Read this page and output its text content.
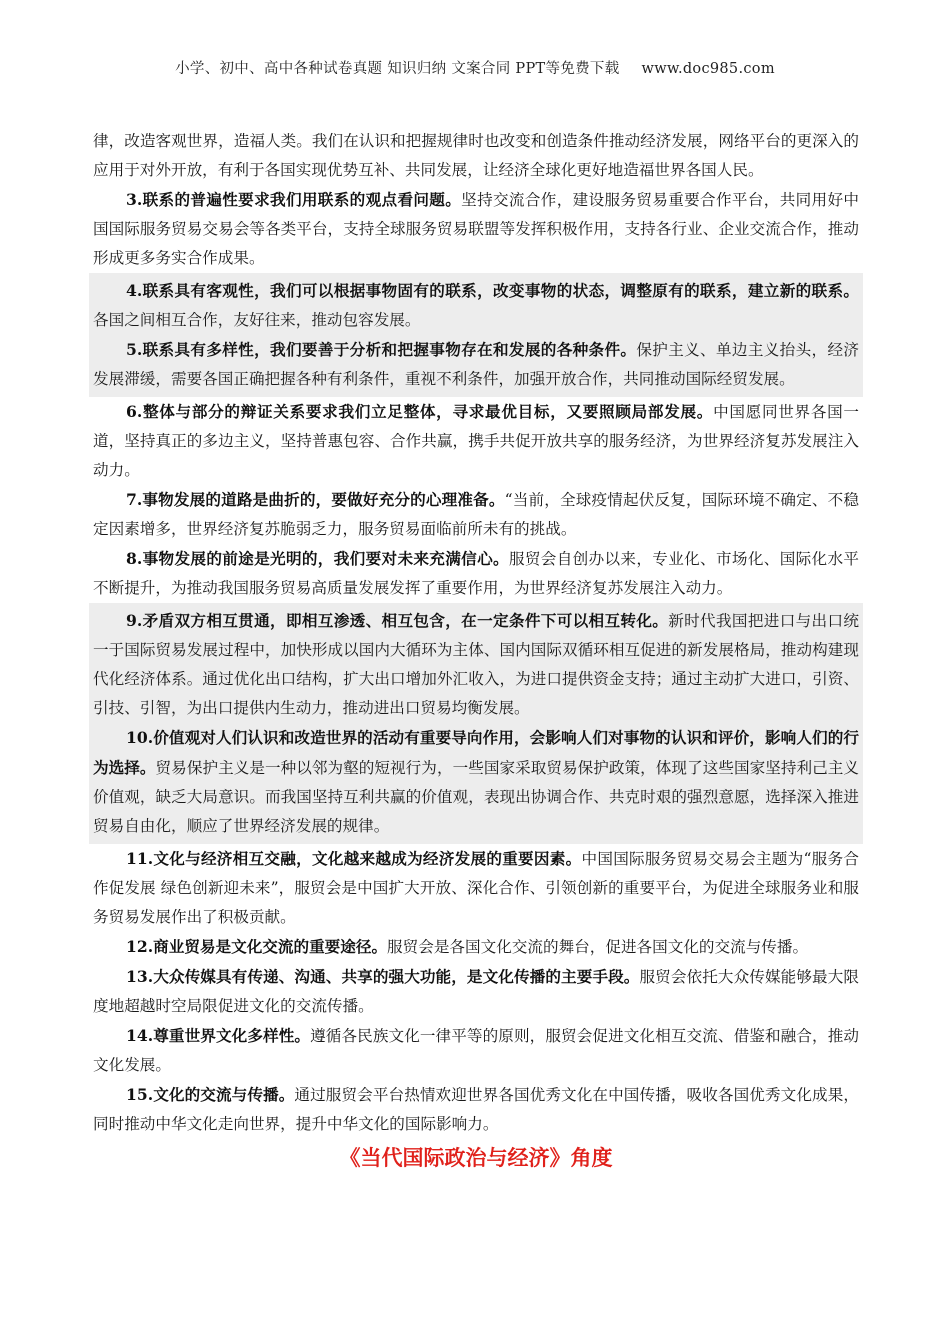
小学、初中、高中各种试卷真题 知识归纳 文案合同 PPT等免费下载 www.doc985.com

律，改造客观世界，造福人类。我们在认识和把握规律时也改变和创造条件推动经济发展，网络平台的更深入的应用于对外开放，有利于各国实现优势互补、共同发展，让经济全球化更好地造福世界各国人民。

3.联系的普遍性要求我们用联系的观点看问题。坚持交流合作，建设服务贸易重要合作平台，共同用好中国国际服务贸易交易会等各类平台，支持全球服务贸易联盟等发挥积极作用，支持各行业、企业交流合作，推动形成更多务实合作成果。

4.联系具有客观性，我们可以根据事物固有的联系，改变事物的状态，调整原有的联系，建立新的联系。各国之间相互合作，友好往来，推动包容发展。

5.联系具有多样性，我们要善于分析和把握事物存在和发展的各种条件。保护主义、单边主义抬头，经济发展滞缓，需要各国正确把握各种有利条件，重视不利条件，加强开放合作，共同推动国际经贸发展。

6.整体与部分的辩证关系要求我们立足整体，寻求最优目标，又要照顾局部发展。中国愿同世界各国一道，坚持真正的多边主义，坚持普惠包容、合作共赢，携手共促开放共享的服务经济，为世界经济复苏发展注入动力。

7.事物发展的道路是曲折的，要做好充分的心理准备。“当前，全球疫情起伏反复，国际环境不确定、不稳定因素增多，世界经济复苏脆弱乏力，服务贸易面临前所未有的挑战。

8.事物发展的前途是光明的，我们要对未来充满信心。服贸会自创办以来，专业化、市场化、国际化水平不断提升，为推动我国服务贸易高质量发展发挥了重要作用，为世界经济复苏发展注入动力。

9.矛盾双方相互贯通，即相互渗透、相互包含，在一定条件下可以相互转化。新时代我国把进口与出口统一于国际贸易发展过程中，加快形成以国内大循环为主体、国内国际双循环相互促进的新发展格局，推动构建现代化经济体系。通过优化出口结构，扩大出口增加外汇收入，为进口提供资金支持；通过主动扩大进口，引资、引技、引智，为出口提供内生动力，推动进出口贸易均衡发展。

10.价值观对人们认识和改造世界的活动有重要导向作用，会影响人们对事物的认识和评价，影响人们的行为选择。贸易保护主义是一种以邻为壑的短视行为，一些国家采取贸易保护政策，体现了这些国家坚持利己主义价值观，缺乏大局意识。而我国坚持互利共赢的价值观，表现出协调合作、共克时艰的强烈意愿，选择深入推进贸易自由化，顺应了世界经济发展的规律。

11.文化与经济相互交融，文化越来越成为经济发展的重要因素。中国国际服务贸易交易会主题为“服务合作促发展 绿色创新迎未来”，服贸会是中国扩大开放、深化合作、引领创新的重要平台，为促进全球服务业和服务贸易发展作出了积极贡献。

12.商业贸易是文化交流的重要途径。服贸会是各国文化交流的舞台，促进各国文化的交流与传播。

13.大众传媒具有传递、沟通、共享的强大功能，是文化传播的主要手段。服贸会依托大众传媒能够最大限度地超越时空局限促进文化的交流传播。

14.尊重世界文化多样性。遵循各民族文化一律平等的原则，服贸会促进文化相互交流、借鉴和融合，推动文化发展。

15.文化的交流与传播。通过服贸会平台热情欢迎世界各国优秀文化在中国传播，吸收各国优秀文化成果，同时推动中华文化走向世界，提升中华文化的国际影响力。

《当代国际政治与经济》角度
